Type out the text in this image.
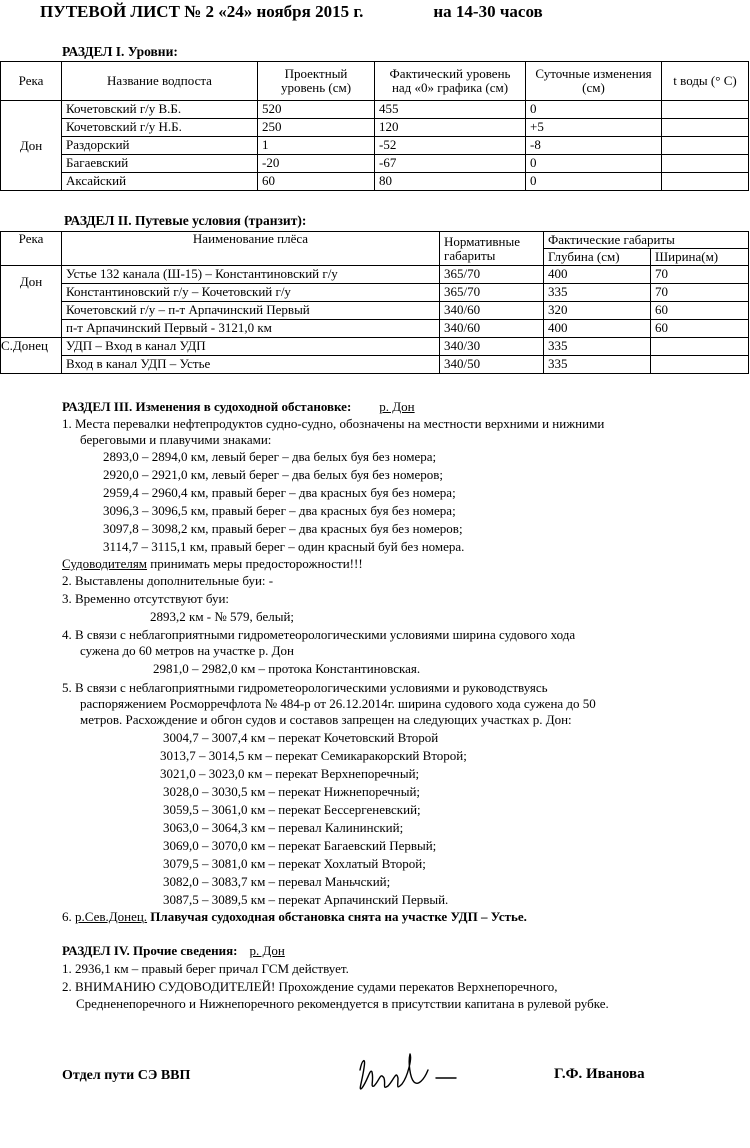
ПУТЕВОЙ ЛИСТ № 2 «24» ноября 2015 г.	на 14-30 часов
РАЗДЕЛ I. Уровни:
Река	Название водпоста	Проектный уровень (см)	Фактический уровень над «0» графика (см)	Суточные изменения (см)	t воды (° С)
Дон	Кочетовский г/у В.Б.	520	455	0	
	Кочетовский г/у Н.Б.	250	120	+5	
	Раздорский	1	-52	-8	
	Багаевский	-20	-67	0	
	Аксайский	60	80	0	
РАЗДЕЛ II. Путевые условия (транзит):
Река	Наименование плёса	Нормативные габариты	Фактические габариты	
			Глубина (см)	Ширина(м)
Дон	Устье 132 канала (Ш-15) – Константиновский г/у	365/70	400	70
	Константиновский г/у – Кочетовский г/у	365/70	335	70
	Кочетовский г/у – п-т Арпачинский Первый	340/60	320	60
	п-т Арпачинский Первый - 3121,0 км	340/60	400	60
С.Донец	УДП – Вход в канал УДП	340/30	335	
	Вход в канал УДП – Устье	340/50	335	
РАЗДЕЛ III. Изменения в судоходной обстановке: р. Дон
1. Места перевалки нефтепродуктов судно-судно, обозначены на местности верхними и нижними
береговыми и плавучими знаками:
2893,0 – 2894,0 км, левый берег – два белых буя без номера;
2920,0 – 2921,0 км, левый берег – два белых буя без номеров;
2959,4 – 2960,4 км, правый берег – два красных буя без номера;
3096,3 – 3096,5 км, правый берег – два красных буя без номера;
3097,8 – 3098,2 км, правый берег – два красных буя без номеров;
3114,7 – 3115,1 км, правый берег – один красный буй без номера.
Судоводителям принимать меры предосторожности!!!
2. Выставлены дополнительные буи: -
3. Временно отсутствуют буи:
2893,2 км - № 579, белый;
4. В связи с неблагоприятными гидрометеорологическими условиями ширина судового хода
сужена до 60 метров на участке р. Дон
2981,0 – 2982,0 км – протока Константиновская.
5. В связи с неблагоприятными гидрометеорологическими условиями и руководствуясь
распоряжением Росморречфлота № 484-р от 26.12.2014г. ширина судового хода сужена до 50
метров. Расхождение и обгон судов и составов запрещен на следующих участках р. Дон:
3004,7 – 3007,4 км – перекат Кочетовский Второй
3013,7 – 3014,5 км – перекат Семикаракорский Второй;
3021,0 – 3023,0 км – перекат Верхнепоречный;
3028,0 – 3030,5 км – перекат Нижнепоречный;
3059,5 – 3061,0 км – перекат Бессергеневский;
3063,0 – 3064,3 км – перевал Калининский;
3069,0 – 3070,0 км – перекат Багаевский Первый;
3079,5 – 3081,0 км – перекат Хохлатый Второй;
3082,0 – 3083,7 км – перевал Маньчский;
3087,5 – 3089,5 км – перекат Арпачинский Первый.
6. р.Сев.Донец. Плавучая судоходная обстановка снята на участке УДП – Устье.
РАЗДЕЛ IV. Прочие сведения: р. Дон
1. 2936,1 км – правый берег причал ГСМ действует.
2. ВНИМАНИЮ СУДОВОДИТЕЛЕЙ! Прохождение судами перекатов Верхнепоречного,
Средненепоречного и Нижнепоречного рекомендуется в присутствии капитана в рулевой рубке.
Отдел пути СЭ ВВП	Г.Ф. Иванова
